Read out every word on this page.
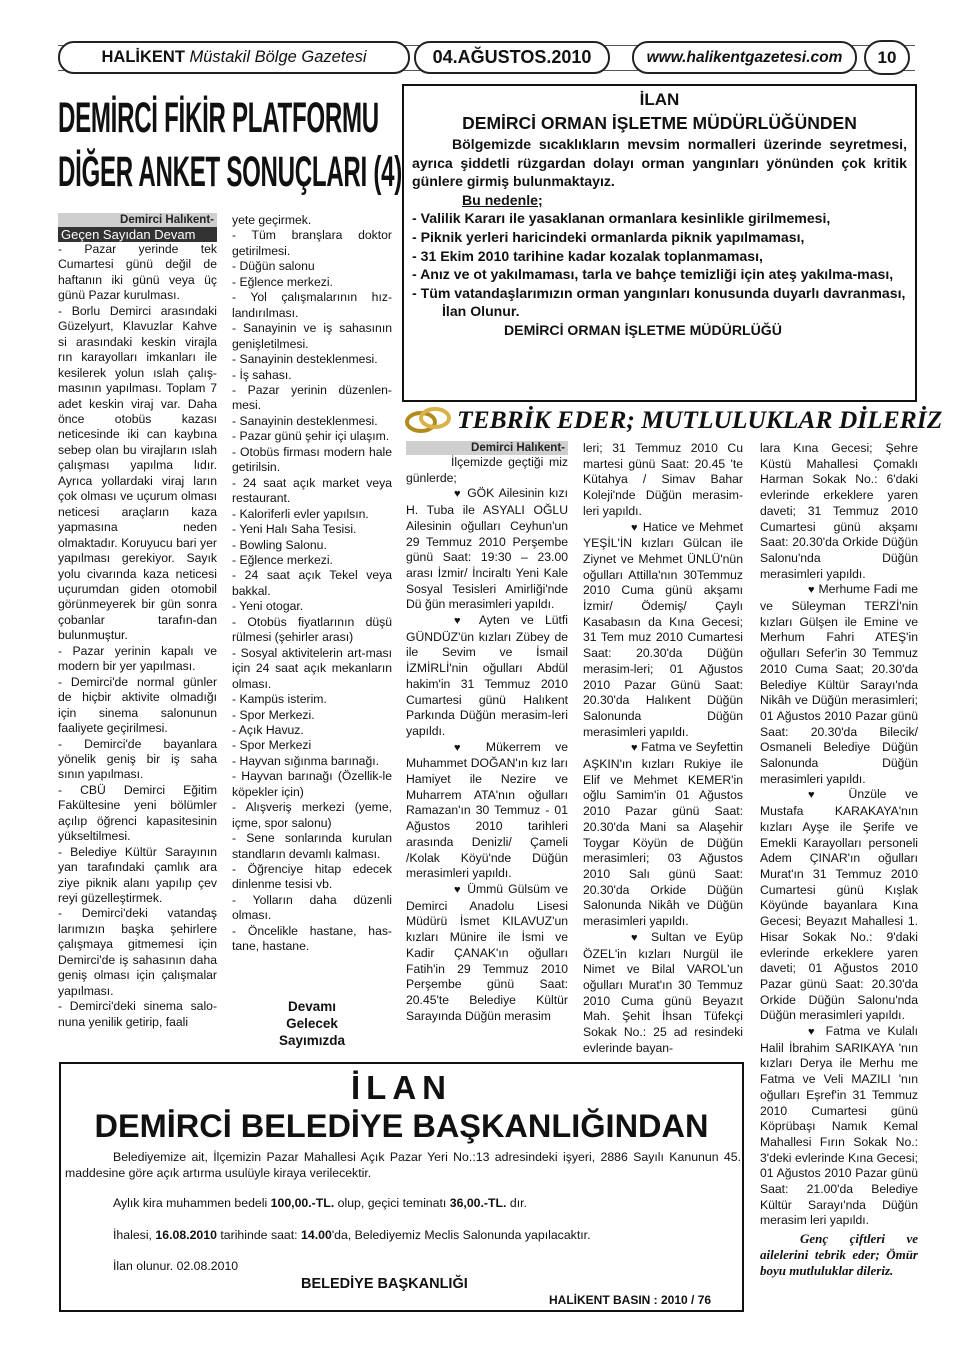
HALİKENT
Müstakil Bölge Gazetesi	04.AĞUSTOS.2010	www.halikentgazetesi.com	10
DEMİRCİ FİKİR PLATFORMU
DİĞER ANKET SONUÇLARI (4)
Demirci Halıkent-
Geçen Sayıdan Devam

- Pazar yerinde tek Cumartesi günü değil de haftanın iki günü veya üç günü Pazar kurulması.

- Borlu Demirci arasındaki Güzelyurt, Klavuzlar Kahve si arasındaki keskin virajla rın karayolları imkanları ile kesilerek yolun ıslah çalış-masının yapılması. Toplam 7 adet keskin viraj var. Daha önce otobüs kazası neticesinde iki can kaybına sebep olan bu virajların ıslah çalışması yapılma lıdır. Ayrıca yollardaki viraj ların çok olması ve uçurum olması neticesi araçların kaza yapmasına neden olmaktadır. Koruyucu bari yer yapılması gerekiyor. Sayık yolu civarında kaza neticesi uçurumdan giden otomobil görünmeyerek bir gün sonra çobanlar tarafın-dan bulunmuştur.

- Pazar yerinin kapalı ve modern bir yer yapılması.

- Demirci'de normal günler de hiçbir aktivite olmadığı için sinema salonunun faaliyete geçirilmesi.

- Demirci'de bayanlara yönelik geniş bir iş saha sının yapılması.

- CBÜ Demirci Eğitim Fakültesine yeni bölümler açılıp öğrenci kapasitesinin yükseltilmesi.

- Belediye Kültür Sarayının yan tarafındaki çamlık ara ziye piknik alanı yapılıp çev reyi güzelleştirmek.

- Demirci'deki vatandaş larımızın başka şehirlere çalışmaya gitmemesi için Demirci'de iş sahasının daha geniş olması için çalışmalar yapılması.

- Demirci'deki sinema salo-nuna yenilik getirip, faali

yete geçirmek.

- Tüm branşlara doktor getirilmesi.

- Düğün salonu

- Eğlence merkezi.

- Yol çalışmalarının hız-landırılması.

- Sanayinin ve iş sahasının genişletilmesi.

- Sanayinin desteklenmesi.

- İş sahası.

- Pazar yerinin düzenlen-mesi.

- Sanayinin desteklenmesi.

- Pazar günü şehir içi ulaşım.

- Otobüs firması modern hale getirilsin.

- 24 saat açık market veya restaurant.

- Kaloriferli evler yapılsın.

- Yeni Halı Saha Tesisi.

- Bowling Salonu.

- Eğlence merkezi.

- 24 saat açık Tekel veya bakkal.

- Yeni otogar.

- Otobüs fiyatlarının düşü rülmesi (şehirler arası)

- Sosyal aktivitelerin art-ması için 24 saat açık mekanların olması.

- Kampüs isterim.

- Spor Merkezi.

- Açık Havuz.

- Spor Merkezi

- Hayvan sığınma barınağı.

- Hayvan barınağı (Özellik-le köpekler için)

- Alışveriş merkezi (yeme, içme, spor salonu)

- Sene sonlarında kurulan standların devamlı kalması.

- Öğrenciye hitap edecek dinlenme tesisi vb.

- Yolların daha düzenli olması.

- Öncelikle hastane, has-tane, hastane.

Devamı
Gelecek
Sayımızda
İLAN
DEMİRCİ ORMAN İŞLETME MÜDÜRLÜĞÜNDEN
Bölgemizde sıcaklıkların mevsim normalleri üzerinde seyretmesi, ayrıca şiddetli rüzgardan dolayı orman yangınları yönünden çok kritik günlere girmiş bulunmaktayız.
Bu nedenle;
- Valilik Kararı ile yasaklanan ormanlara kesinlikle girilmemesi,
- Piknik yerleri haricindeki ormanlarda piknik yapılmaması,
- 31 Ekim 2010 tarihine kadar kozalak toplanmaması,
- Anız ve ot yakılmaması, tarla ve bahçe temizliği için ateş yakılma-ması,
- Tüm vatandaşlarımızın orman yangınları konusunda duyarlı davranması,
İlan Olunur.
DEMİRCİ ORMAN İŞLETME MÜDÜRLÜĞÜ
TEBRİK EDER; MUTLULUKLAR DİLERİZ
Demirci Halıkent-

İlçemizde geçtiği miz günlerde;

♥ GÖK Ailesinin kızı H. Tuba ile ASYALI OĞLU Ailesinin oğulları Ceyhun'un 29 Temmuz 2010 Perşembe günü Saat: 19:30 – 23.00 arası İzmir/ İnciraltı Yeni Kale Sosyal Tesisleri Amirliği'nde Dü ğün merasimleri yapıldı.

♥ Ayten ve Lütfi GÜNDÜZ'ün kızları Zübey de ile Sevim ve İsmail İZMİRLİ'nin oğulları Abdül hakim'in 31 Temmuz 2010 Cumartesi günü Halıkent Parkında Düğün merasim-leri yapıldı.

♥ Mükerrem ve Muhammet DOĞAN'ın kız ları Hamiyet ile Nezire ve Muharrem ATA'nın oğulları Ramazan'ın 30 Temmuz - 01 Ağustos 2010 tarihleri arasında Denizli/ Çameli /Kolak Köyü'nde Düğün merasimleri yapıldı.

♥ Ümmü Gülsüm ve Demirci Anadolu Lisesi Müdürü İsmet KILAVUZ'un kızları Münire ile İsmi ve Kadir ÇANAK'ın oğulları Fatih'in 29 Temmuz 2010 Perşembe günü Saat: 20.45'te Belediye Kültür Sarayında Düğün merasim

leri; 31 Temmuz 2010 Cu martesi günü Saat: 20.45 'te Kütahya / Simav Bahar Koleji'nde Düğün merasim-leri yapıldı.

♥ Hatice ve Mehmet YEŞİL'İN kızları Gülcan ile Ziynet ve Mehmet ÜNLÜ'nün oğulları Attilla'nın 30Temmuz 2010 Cuma günü akşamı İzmir/ Ödemiş/ Çaylı Kasabasın da Kına Gecesi; 31 Tem muz 2010 Cumartesi Saat: 20.30'da Düğün merasim-leri; 01 Ağustos 2010 Pazar Günü Saat: 20.30'da Halıkent Düğün Salonunda Düğün merasimleri yapıldı.

♥ Fatma ve Seyfettin AŞKIN'ın kızları Rukiye ile Elif ve Mehmet KEMER'in oğlu Samim'in 01 Ağustos 2010 Pazar günü Saat: 20.30'da Mani sa Alaşehir Toygar Köyün de Düğün merasimleri; 03 Ağustos 2010 Salı günü Saat: 20.30'da Orkide Düğün Salonunda Nikâh ve Düğün merasimleri yapıldı.

♥ Sultan ve Eyüp ÖZEL'in kızları Nurgül ile Nimet ve Bilal VAROL'un oğulları Murat'ın 30 Temmuz 2010 Cuma günü Beyazıt Mah. Şehit İhsan Tüfekçi Sokak No.: 25 ad resindeki evlerinde bayan-

lara Kına Gecesi; Şehre Küstü Mahallesi Çomaklı Harman Sokak No.: 6'daki evlerinde erkeklere yaren daveti; 31 Temmuz 2010 Cumartesi günü akşamı Saat: 20.30'da Orkide Düğün Salonu'nda Düğün merasimleri yapıldı.

♥ Merhume Fadi me ve Süleyman TERZİ'nin kızları Gülşen ile Emine ve Merhum Fahri ATEŞ'in oğulları Sefer'in 30 Temmuz 2010 Cuma Saat; 20.30'da Belediye Kültür Sarayı'nda Nikâh ve Düğün merasimleri; 01 Ağustos 2010 Pazar günü Saat: 20.30'da Bilecik/ Osmaneli Belediye Düğün Salonunda Düğün merasimleri yapıldı.

♥ Ünzüle ve Mustafa KARAKAYA'nın kızları Ayşe ile Şerife ve Emekli Karayolları personeli Adem ÇINAR'ın oğulları Murat'ın 31 Temmuz 2010 Cumartesi günü Kışlak Köyünde bayanlara Kına Gecesi; Beyazıt Mahallesi 1. Hisar Sokak No.: 9'daki evlerinde erkeklere yaren daveti; 01 Ağustos 2010 Pazar günü Saat: 20.30'da Orkide Düğün Salonu'nda Düğün merasimleri yapıldı.

♥ Fatma ve Kulalı Halil İbrahim SARIKAYA 'nın kızları Derya ile Merhu me Fatma ve Veli MAZILI 'nın oğulları Eşref'in 31 Temmuz 2010 Cumartesi günü Köprübaşı Namık Kemal Mahallesi Fırın Sokak No.: 3'deki evlerinde Kına Gecesi; 01 Ağustos 2010 Pazar günü Saat: 21.00'da Belediye Kültür Sarayı'nda Düğün merasim leri yapıldı.

Genç çiftleri ve ailelerini tebrik eder; Ömür boyu mutluluklar dileriz.

İLAN
DEMİRCİ BELEDİYE BAŞKANLIĞINDAN
Belediyemize ait, İlçemizin Pazar Mahallesi Açık Pazar Yeri No.:13 adresindeki işyeri, 2886 Sayılı Kanunun 45. maddesine göre açık artırma usulüyle kiraya verilecektir.
Aylık kira muhammen bedeli 100,00.-TL. olup, geçici teminatı 36,00.-TL. dır.
İhalesi, 16.08.2010 tarihinde saat: 14.00'da, Belediyemiz Meclis Salonunda yapılacaktır.
İlan olunur. 02.08.2010
BELEDİYE BAŞKANLIĞI
HALİKENT BASIN : 2010 / 76
